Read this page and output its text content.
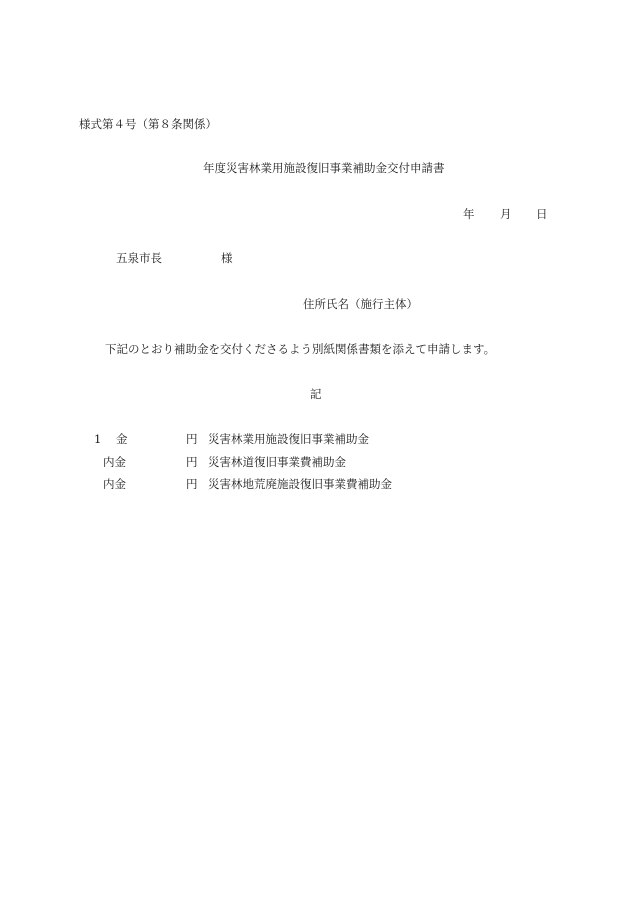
様式第４号（第８条関係）
年度災害林業用施設復旧事業補助金交付申請書
年 月 日
五泉市長	様
住所氏名（施行主体）
下記のとおり補助金を交付くださるよう別紙関係書類を添えて申請します。
記
1 金	円 災害林業用施設復旧事業補助金
内金	円 災害林道復旧事業費補助金
内金	円 災害林地荒廃施設復旧事業費補助金
